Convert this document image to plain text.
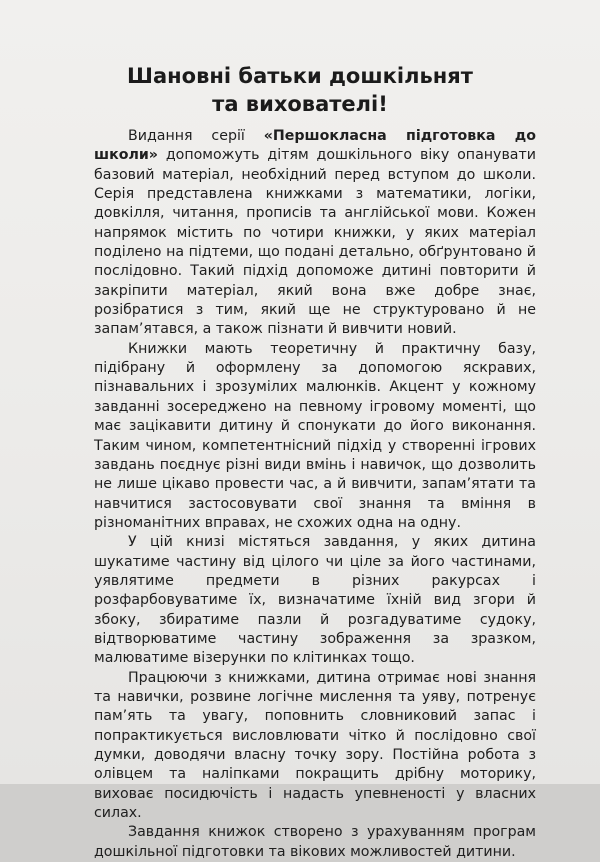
Шановні батьки дошкільнят
та вихователі!

Видання серії «Першокласна підготовка до школи» допоможуть дітям дошкільного віку опанувати базовий матеріал, необхідний перед вступом до школи. Серія представлена книжками з математики, логіки, довкілля, читання, прописів та англійської мови. Кожен напрямок містить по чотири книжки, у яких матеріал поділено на підтеми, що подані детально, обґрунтовано й послідовно. Такий підхід допоможе дитині повторити й закріпити матеріал, який вона вже добре знає, розібратися з тим, який ще не структуровано й не запам’ятався, а також пізнати й вивчити новий.

Книжки мають теоретичну й практичну базу, підібрану й оформлену за допомогою яскравих, пізнавальних і зрозумілих малюнків. Акцент у кожному завданні зосереджено на певному ігровому моменті, що має зацікавити дитину й спонукати до його виконання. Таким чином, компетентнісний підхід у створенні ігрових завдань поєднує різні види вмінь і навичок, що дозволить не лише цікаво провести час, а й вивчити, запам’ятати та навчитися застосовувати свої знання та вміння в різноманітних вправах, не схожих одна на одну.

У цій книзі містяться завдання, у яких дитина шукатиме частину від цілого чи ціле за його частинами, уявлятиме предмети в різних ракурсах і розфарбовуватиме їх, визначатиме їхній вид згори й збоку, збиратиме пазли й розгадуватиме судоку, відтворюватиме частину зображення за зразком, малюватиме візерунки по клітинках тощо.

Працюючи з книжками, дитина отримає нові знання та навички, розвине логічне мислення та уяву, потренує пам’ять та увагу, поповнить словниковий запас і попрактикується висловлювати чітко й послідовно свої думки, доводячи власну точку зору. Постійна робота з олівцем та наліпками покращить дрібну моторику, виховає посидючість і надасть упевненості у власних силах.

Завдання книжок створено з урахуванням програм дошкільної підготовки та вікових можливостей дитини.
